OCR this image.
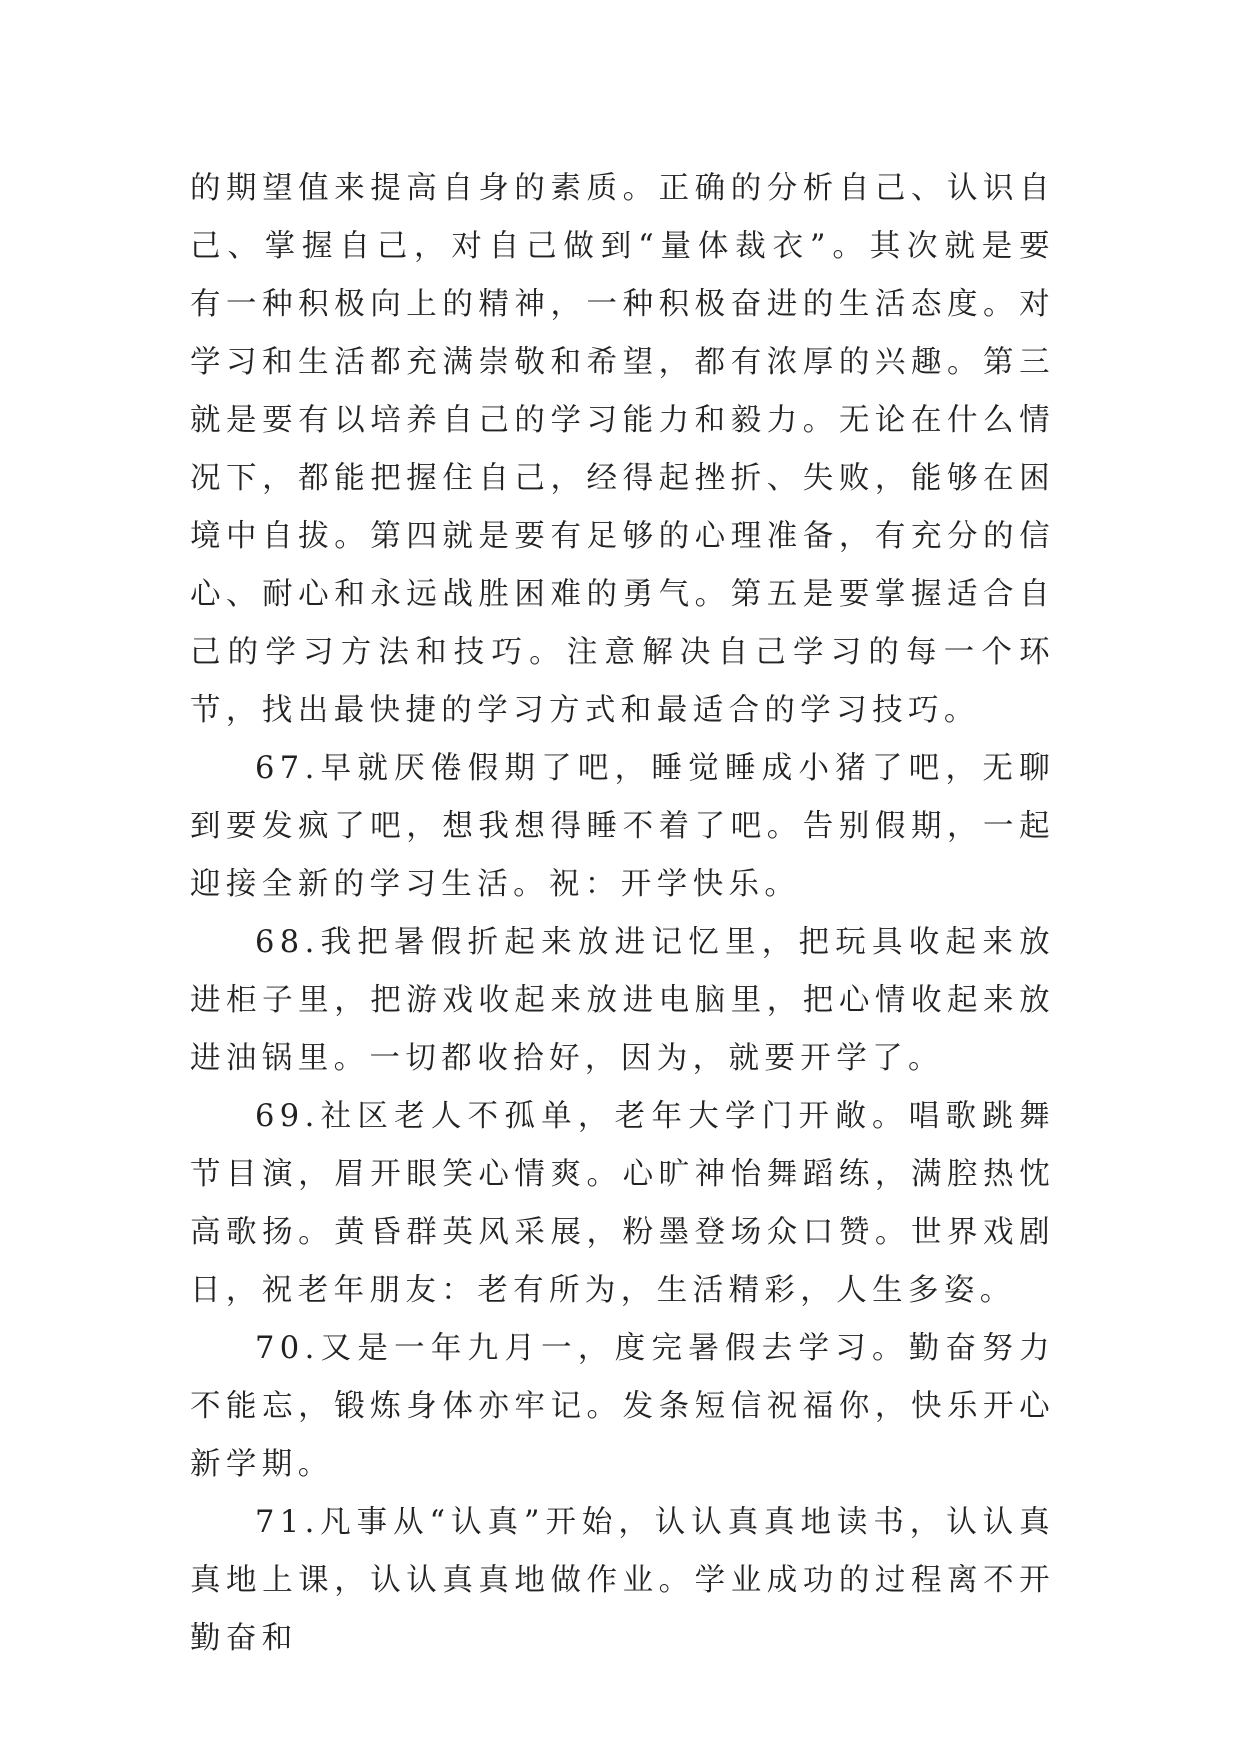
的期望值来提高自身的素质。正确的分析自己、认识自己、掌握自己，对自己做到“量体裁衣”。其次就是要有一种积极向上的精神，一种积极奋进的生活态度。对学习和生活都充满崇敬和希望，都有浓厚的兴趣。第三就是要有以培养自己的学习能力和毅力。无论在什么情况下，都能把握住自己，经得起挫折、失败，能够在困境中自拔。第四就是要有足够的心理准备，有充分的信心、耐心和永远战胜困难的勇气。第五是要掌握适合自己的学习方法和技巧。注意解决自己学习的每一个环节，找出最快捷的学习方式和最适合的学习技巧。

67.早就厌倦假期了吧，睡觉睡成小猪了吧，无聊到要发疯了吧，想我想得睡不着了吧。告别假期，一起迎接全新的学习生活。祝：开学快乐。

68.我把暑假折起来放进记忆里，把玩具收起来放进柜子里，把游戏收起来放进电脑里，把心情收起来放进油锅里。一切都收拾好，因为，就要开学了。

69.社区老人不孤单，老年大学门开敞。唱歌跳舞节目演，眉开眼笑心情爽。心旷神怡舞蹈练，满腔热忱高歌扬。黄昏群英风采展，粉墨登场众口赞。世界戏剧日，祝老年朋友：老有所为，生活精彩，人生多姿。

70.又是一年九月一，度完暑假去学习。勤奋努力不能忘，锻炼身体亦牢记。发条短信祝福你，快乐开心新学期。

71.凡事从“认真”开始，认认真真地读书，认认真真地上课，认认真真地做作业。学业成功的过程离不开勤奋和
